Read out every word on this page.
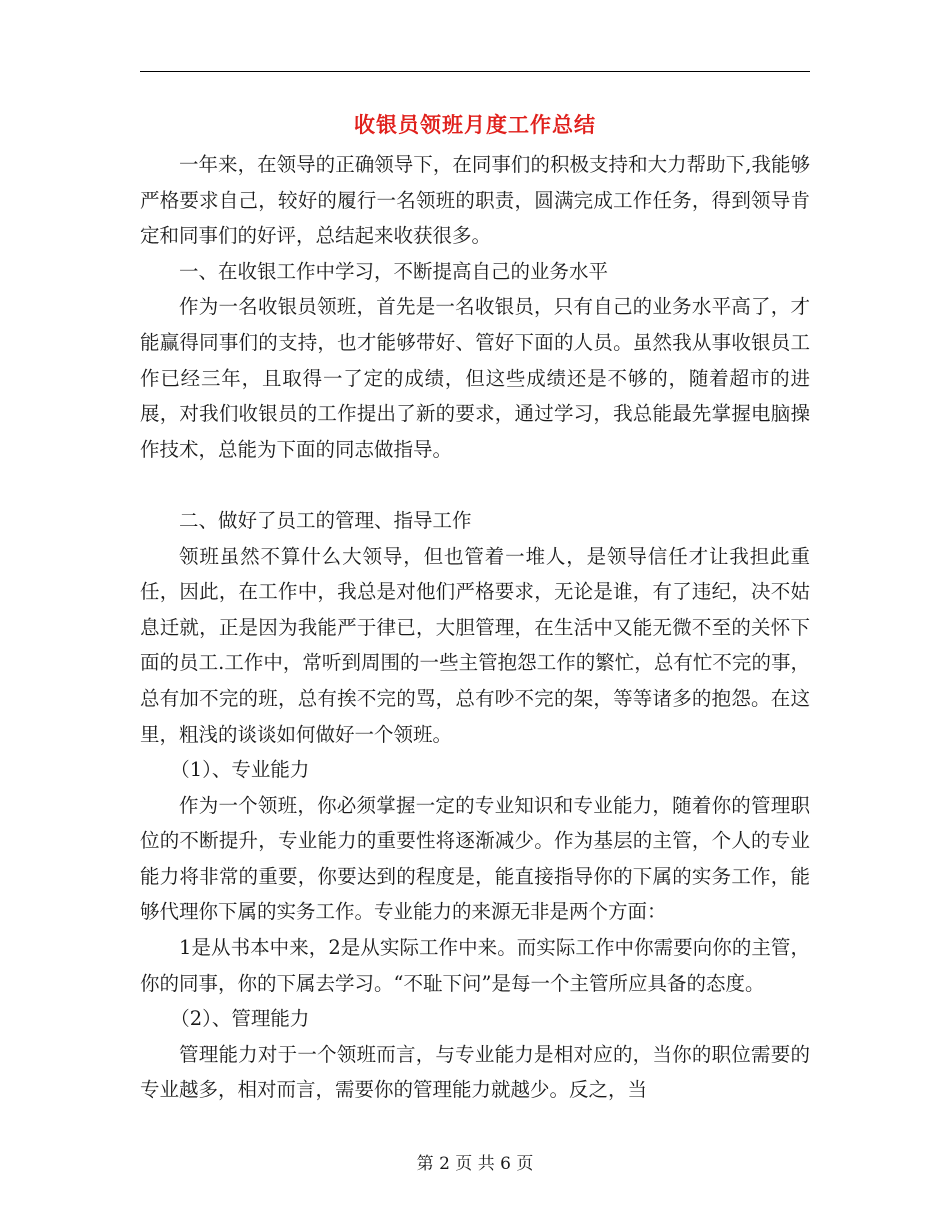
收银员领班月度工作总结

一年来，在领导的正确领导下，在同事们的积极支持和大力帮助下,我能够严格要求自己，较好的履行一名领班的职责，圆满完成工作任务，得到领导肯定和同事们的好评，总结起来收获很多。

一、在收银工作中学习，不断提高自己的业务水平

作为一名收银员领班，首先是一名收银员，只有自己的业务水平高了，才能赢得同事们的支持，也才能够带好、管好下面的人员。虽然我从事收银员工作已经三年，且取得一了定的成绩，但这些成绩还是不够的，随着超市的进展，对我们收银员的工作提出了新的要求，通过学习，我总能最先掌握电脑操作技术，总能为下面的同志做指导。

二、做好了员工的管理、指导工作

领班虽然不算什么大领导，但也管着一堆人，是领导信任才让我担此重任，因此，在工作中，我总是对他们严格要求，无论是谁，有了违纪，决不姑息迁就，正是因为我能严于律已，大胆管理，在生活中又能无微不至的关怀下面的员工.工作中，常听到周围的一些主管抱怨工作的繁忙，总有忙不完的事，总有加不完的班，总有挨不完的骂，总有吵不完的架，等等诸多的抱怨。在这里，粗浅的谈谈如何做好一个领班。

（1）、专业能力

作为一个领班，你必须掌握一定的专业知识和专业能力，随着你的管理职位的不断提升，专业能力的重要性将逐渐减少。作为基层的主管，个人的专业能力将非常的重要，你要达到的程度是，能直接指导你的下属的实务工作，能够代理你下属的实务工作。专业能力的来源无非是两个方面：

1是从书本中来，2是从实际工作中来。而实际工作中你需要向你的主管，你的同事，你的下属去学习。“不耻下问”是每一个主管所应具备的态度。

（2）、管理能力

管理能力对于一个领班而言，与专业能力是相对应的，当你的职位需要的专业越多，相对而言，需要你的管理能力就越少。反之，当

第 2 页 共 6 页
